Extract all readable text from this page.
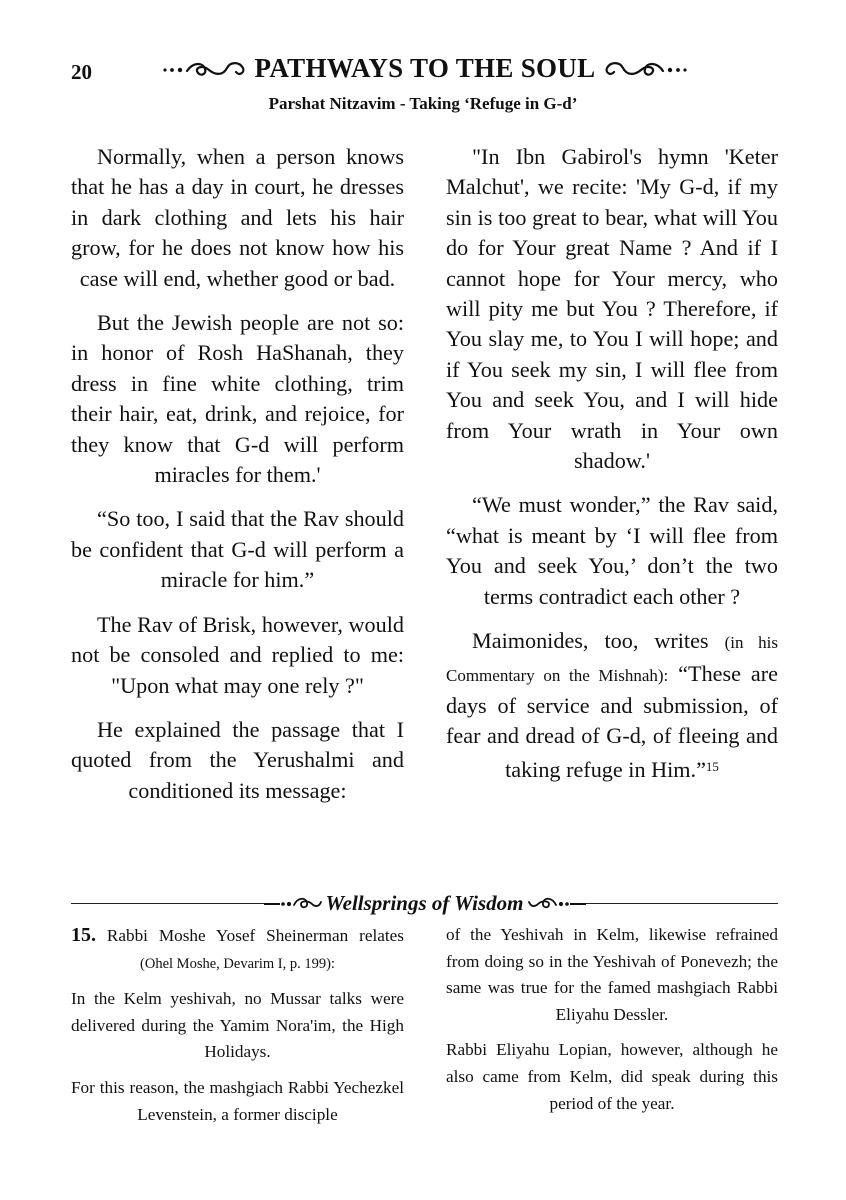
20	PATHWAYS TO THE SOUL
Parshat Nitzavim - Taking ‘Refuge in G-d’

Normally, when a person knows that he has a day in court, he dresses in dark clothing and lets his hair grow, for he does not know how his case will end, whether good or bad.

But the Jewish people are not so: in honor of Rosh HaShanah, they dress in fine white clothing, trim their hair, eat, drink, and rejoice, for they know that G-d will perform miracles for them.'

“So too, I said that the Rav should be confident that G-d will perform a miracle for him.”

The Rav of Brisk, however, would not be consoled and replied to me: "Upon what may one rely ?"

He explained the passage that I quoted from the Yerushalmi and conditioned its message:

"In Ibn Gabirol's hymn 'Keter Malchut', we recite: 'My G-d, if my sin is too great to bear, what will You do for Your great Name ? And if I cannot hope for Your mercy, who will pity me but You ? Therefore, if You slay me, to You I will hope; and if You seek my sin, I will flee from You and seek You, and I will hide from Your wrath in Your own shadow.'

“We must wonder,” the Rav said, “what is meant by ‘I will flee from You and seek You,’ don’t the two terms contradict each other ?

Maimonides, too, writes (in his Commentary on the Mishnah): “These are days of service and submission, of fear and dread of G-d, of fleeing and taking refuge in Him.”$^{15}$

Wellsprings of Wisdom

15. Rabbi Moshe Yosef Sheinerman relates (Ohel Moshe, Devarim I, p. 199):

In the Kelm yeshivah, no Mussar talks were delivered during the Yamim Nora'im, the High Holidays.

For this reason, the mashgiach Rabbi Yechezkel Levenstein, a former disciple

of the Yeshivah in Kelm, likewise refrained from doing so in the Yeshivah of Ponevezh; the same was true for the famed mashgiach Rabbi Eliyahu Dessler.

Rabbi Eliyahu Lopian, however, although he also came from Kelm, did speak during this period of the year.
